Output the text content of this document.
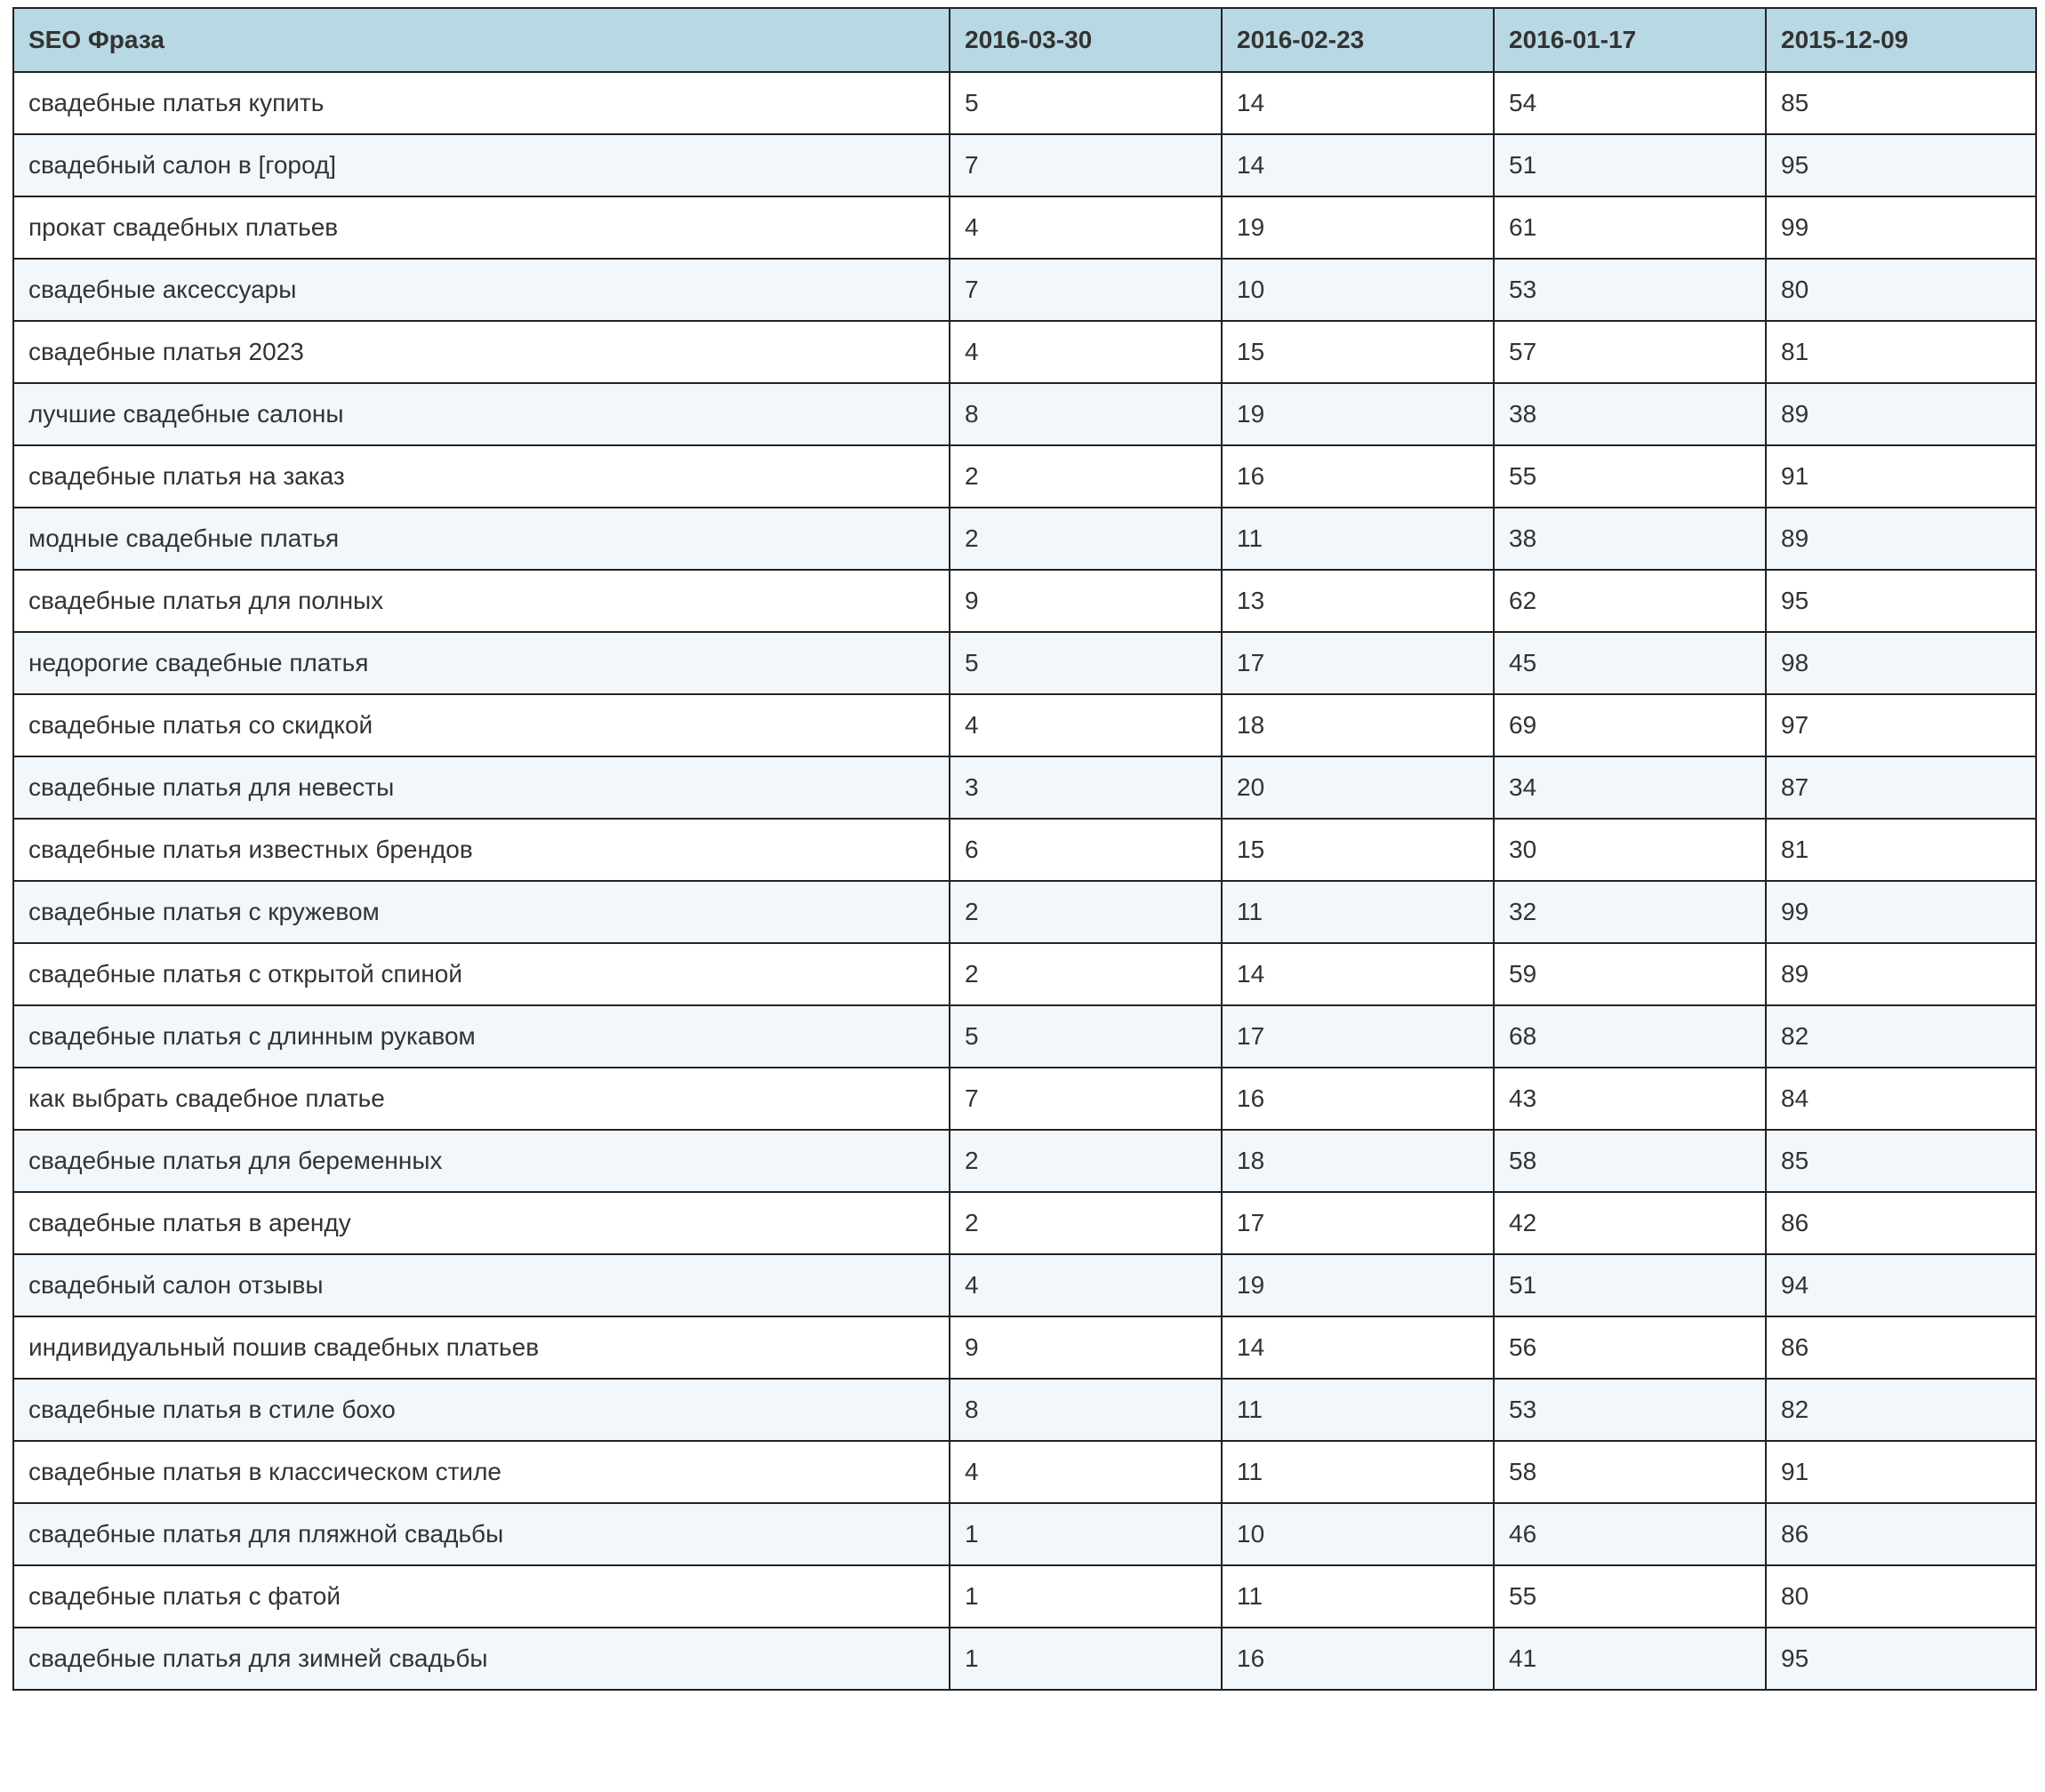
SEO Фраза	2016-03-30	2016-02-23	2016-01-17	2015-12-09
свадебные платья купить	5	14	54	85
свадебный салон в [город]	7	14	51	95
прокат свадебных платьев	4	19	61	99
свадебные аксессуары	7	10	53	80
свадебные платья 2023	4	15	57	81
лучшие свадебные салоны	8	19	38	89
свадебные платья на заказ	2	16	55	91
модные свадебные платья	2	11	38	89
свадебные платья для полных	9	13	62	95
недорогие свадебные платья	5	17	45	98
свадебные платья со скидкой	4	18	69	97
свадебные платья для невесты	3	20	34	87
свадебные платья известных брендов	6	15	30	81
свадебные платья с кружевом	2	11	32	99
свадебные платья с открытой спиной	2	14	59	89
свадебные платья с длинным рукавом	5	17	68	82
как выбрать свадебное платье	7	16	43	84
свадебные платья для беременных	2	18	58	85
свадебные платья в аренду	2	17	42	86
свадебный салон отзывы	4	19	51	94
индивидуальный пошив свадебных платьев	9	14	56	86
свадебные платья в стиле бохо	8	11	53	82
свадебные платья в классическом стиле	4	11	58	91
свадебные платья для пляжной свадьбы	1	10	46	86
свадебные платья с фатой	1	11	55	80
свадебные платья для зимней свадьбы	1	16	41	95
